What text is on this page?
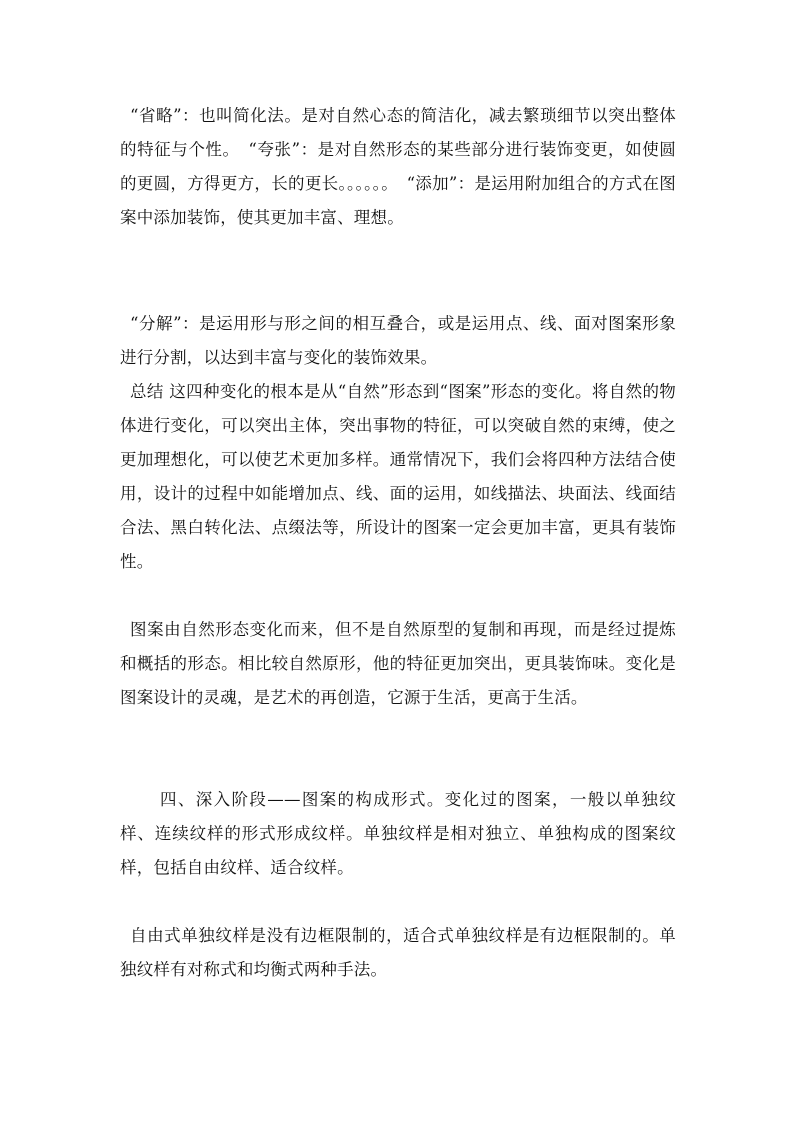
“省略”：也叫简化法。是对自然心态的简洁化，减去繁琐细节以突出整体的特征与个性。　“夸张”：是对自然形态的某些部分进行装饰变更，如使圆的更圆，方得更方，长的更长。。。。。。　“添加”：是运用附加组合的方式在图案中添加装饰，使其更加丰富、理想。

“分解”：是运用形与形之间的相互叠合，或是运用点、线、面对图案形象进行分割，以达到丰富与变化的装饰效果。

总结 这四种变化的根本是从“自然”形态到“图案”形态的变化。将自然的物体进行变化，可以突出主体，突出事物的特征，可以突破自然的束缚，使之更加理想化，可以使艺术更加多样。通常情况下，我们会将四种方法结合使用，设计的过程中如能增加点、线、面的运用，如线描法、块面法、线面结合法、黑白转化法、点缀法等，所设计的图案一定会更加丰富，更具有装饰性。

图案由自然形态变化而来，但不是自然原型的复制和再现，而是经过提炼和概括的形态。相比较自然原形，他的特征更加突出，更具装饰味。变化是图案设计的灵魂，是艺术的再创造，它源于生活，更高于生活。

四、深入阶段——图案的构成形式。变化过的图案，一般以单独纹样、连续纹样的形式形成纹样。单独纹样是相对独立、单独构成的图案纹样，包括自由纹样、适合纹样。

自由式单独纹样是没有边框限制的，适合式单独纹样是有边框限制的。单独纹样有对称式和均衡式两种手法。
